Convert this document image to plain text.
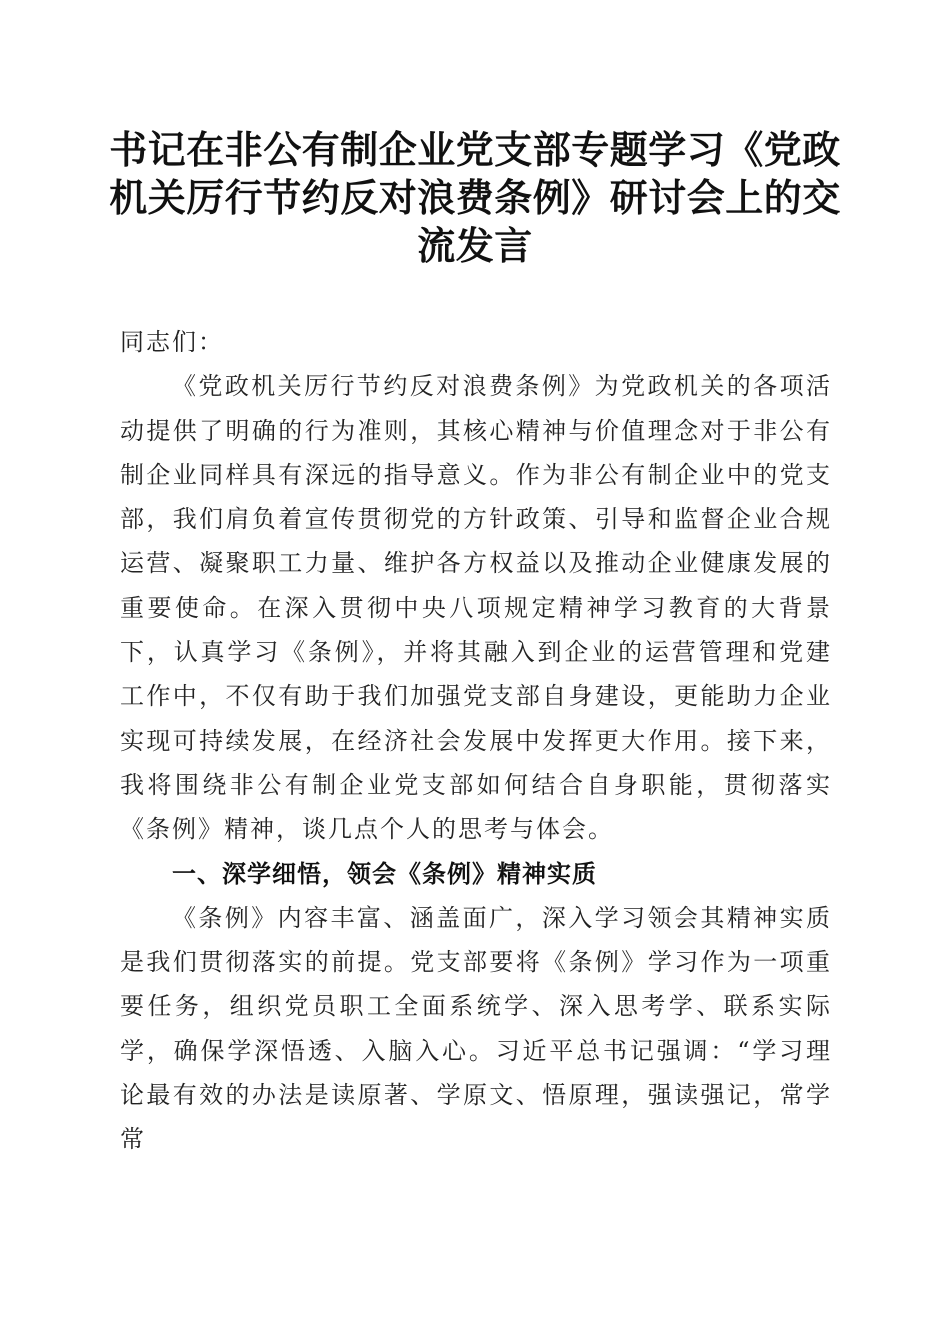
书记在非公有制企业党支部专题学习《党政机关厉行节约反对浪费条例》研讨会上的交流发言

同志们：

《党政机关厉行节约反对浪费条例》为党政机关的各项活动提供了明确的行为准则，其核心精神与价值理念对于非公有制企业同样具有深远的指导意义。作为非公有制企业中的党支部，我们肩负着宣传贯彻党的方针政策、引导和监督企业合规运营、凝聚职工力量、维护各方权益以及推动企业健康发展的重要使命。在深入贯彻中央八项规定精神学习教育的大背景下，认真学习《条例》，并将其融入到企业的运营管理和党建工作中，不仅有助于我们加强党支部自身建设，更能助力企业实现可持续发展，在经济社会发展中发挥更大作用。接下来，我将围绕非公有制企业党支部如何结合自身职能，贯彻落实《条例》精神，谈几点个人的思考与体会。

一、深学细悟，领会《条例》精神实质

《条例》内容丰富、涵盖面广，深入学习领会其精神实质是我们贯彻落实的前提。党支部要将《条例》学习作为一项重要任务，组织党员职工全面系统学、深入思考学、联系实际学，确保学深悟透、入脑入心。习近平总书记强调：“学习理论最有效的办法是读原著、学原文、悟原理，强读强记，常学常
